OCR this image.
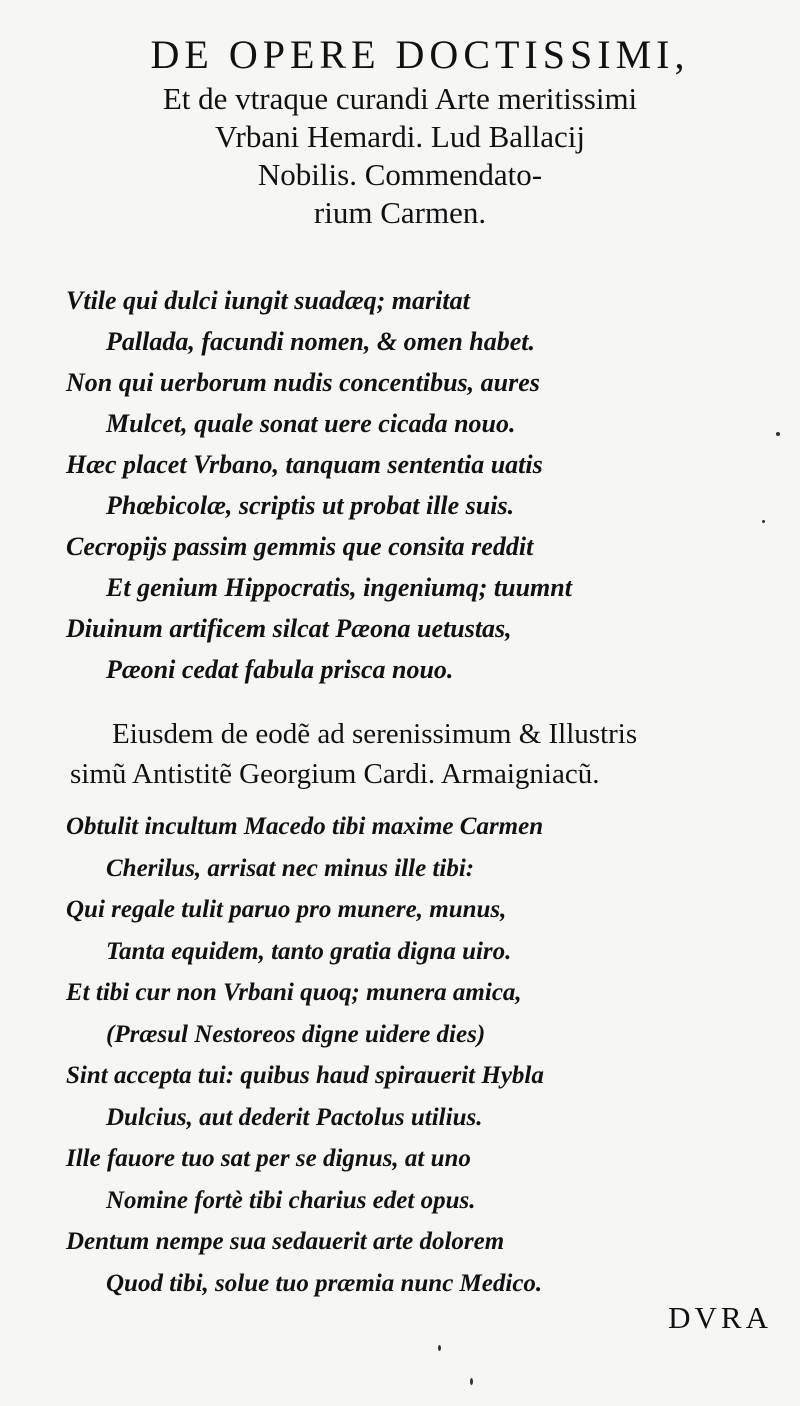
DE OPERE DOCTISSIMI,
Et de vtraque curandi Arte meritissimi
Vrbani Hemardi. Lud Ballacij
Nobilis. Commendato-
rium Carmen.
Vtile qui dulci iungit suadæq; maritat
Pallada, facundi nomen, & omen habet.
Non qui uerborum nudis concentibus, aures
Mulcet, quale sonat uere cicada nouo.
Hæc placet Vrbano, tanquam sententia uatis
Phœbicolæ, scriptis ut probat ille suis.
Cecropijs passim gemmis que consita reddit
Et genium Hippocratis, ingeniumq; tuumnt
Diuinum artificem silcat Pæona uetustas,
Pæoni cedat fabula prisca nouo.
Eiusdem de eodẽ ad serenissimum & Illustris
simũ Antistitẽ Georgium Cardi. Armaigniacũ.
Obtulit incultum Macedo tibi maxime Carmen
Cherilus, arrisat nec minus ille tibi:
Qui regale tulit paruo pro munere, munus,
Tanta equidem, tanto gratia digna uiro.
Et tibi cur non Vrbani quoq; munera amica,
(Præsul Nestoreos digne uidere dies)
Sint accepta tui: quibus haud spirauerit Hybla
Dulcius, aut dederit Pactolus utilius.
Ille fauore tuo sat per se dignus, at uno
Nomine fortè tibi charius edet opus.
Dentum nempe sua sedauerit arte dolorem
Quod tibi, solue tuo præmia nunc Medico.
DVRA
